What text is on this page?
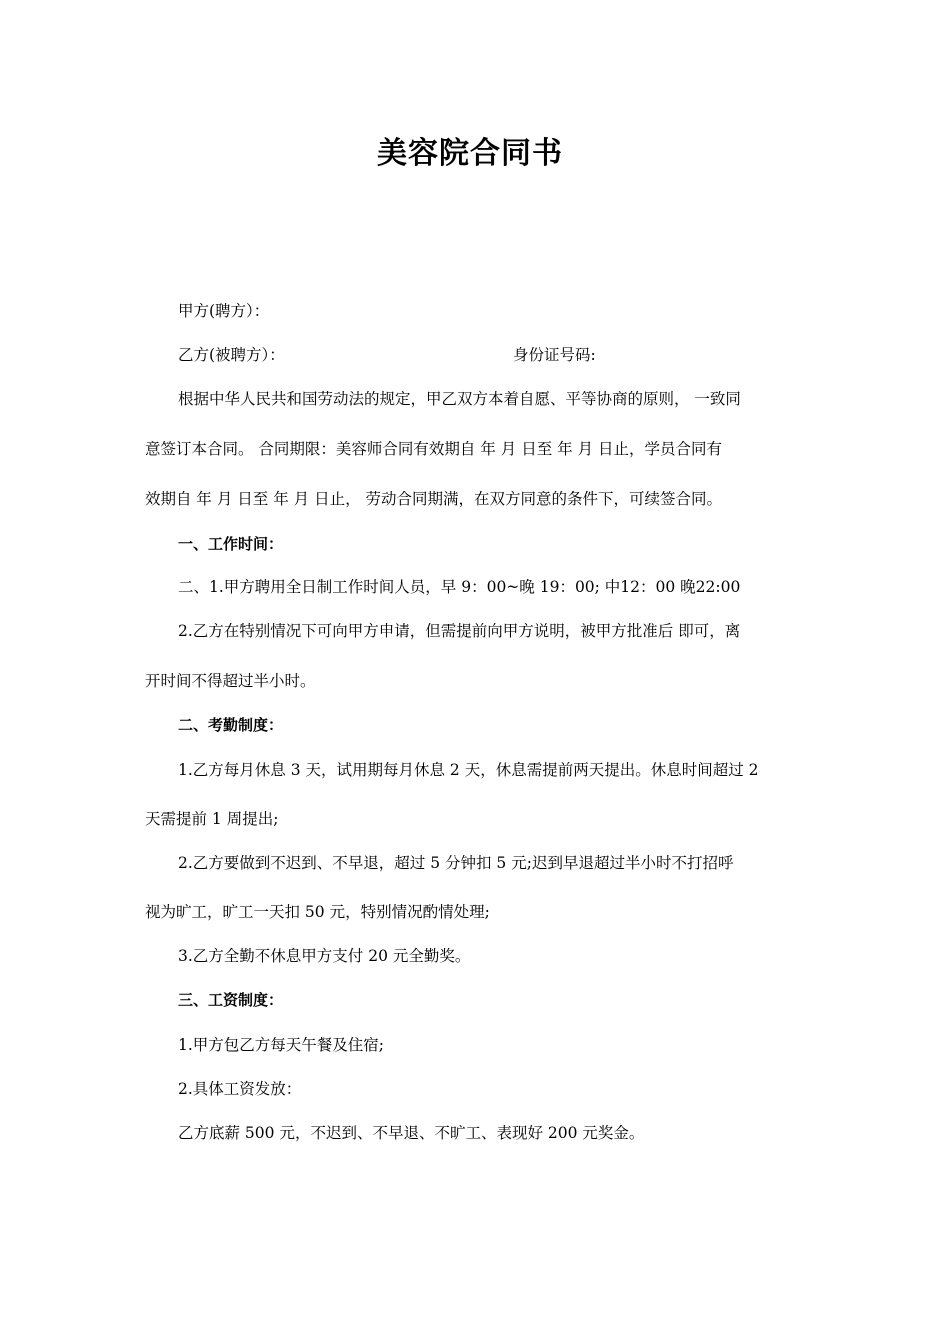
美容院合同书
甲方(聘方）：
乙方(被聘方）：	身份证号码:
根据中华人民共和国劳动法的规定，甲乙双方本着自愿、平等协商的原则， 一致同
意签订本合同。 合同期限：美容师合同有效期自 年 月 日至 年 月 日止，学员合同有
效期自 年 月 日至 年 月 日止， 劳动合同期满，在双方同意的条件下，可续签合同。
一、工作时间：
二、1.甲方聘用全日制工作时间人员，早 9：00~晚 19：00; 中12：00 晚22:00
2.乙方在特别情况下可向甲方申请，但需提前向甲方说明，被甲方批准后 即可，离
开时间不得超过半小时。
二、考勤制度：
1.乙方每月休息 3 天，试用期每月休息 2 天，休息需提前两天提出。休息时间超过 2
天需提前 1 周提出;
2.乙方要做到不迟到、不早退，超过 5 分钟扣 5 元;迟到早退超过半小时不打招呼
视为旷工，旷工一天扣 50 元，特别情况酌情处理;
3.乙方全勤不休息甲方支付 20 元全勤奖。
三、工资制度：
1.甲方包乙方每天午餐及住宿;
2.具体工资发放：
乙方底薪 500 元，不迟到、不早退、不旷工、表现好 200 元奖金。
